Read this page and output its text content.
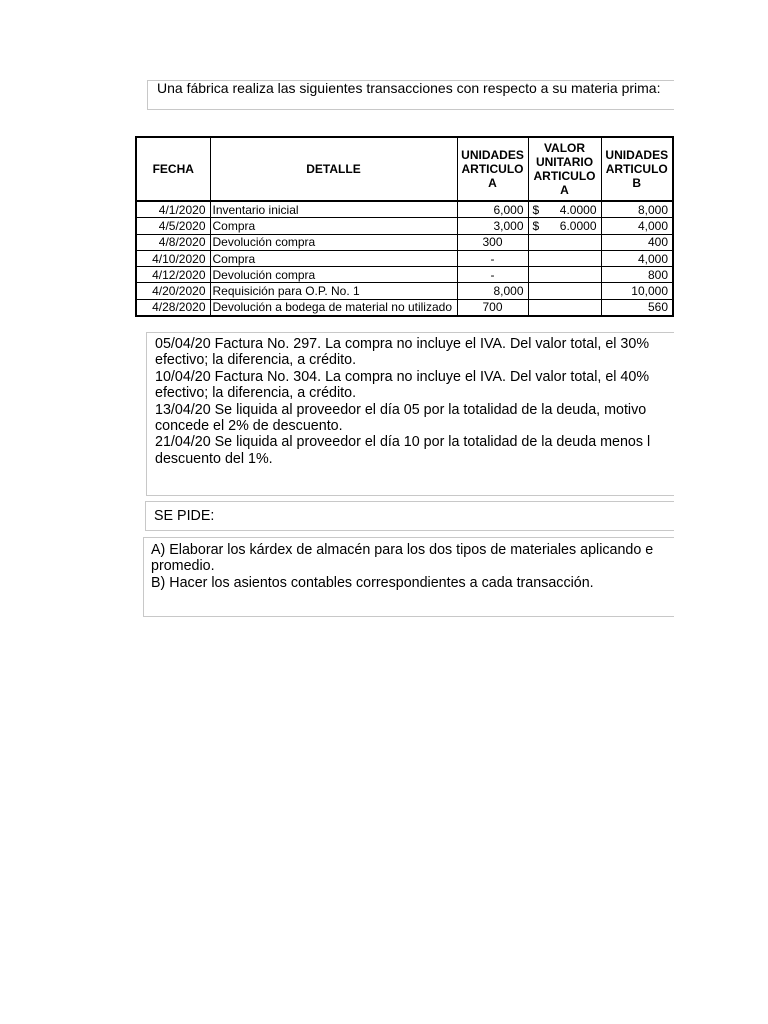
Una fábrica realiza las siguientes transacciones con respecto a su materia prima:
FECHA	DETALLE	UNIDADES ARTICULO A	VALOR UNITARIO ARTICULO A	UNIDADES ARTICULO B
4/1/2020	Inventario inicial	6,000	$ 4.0000	8,000
4/5/2020	Compra	3,000	$ 6.0000	4,000
4/8/2020	Devolución compra	300		400
4/10/2020	Compra	-		4,000
4/12/2020	Devolución compra	-		800
4/20/2020	Requisición para O.P. No. 1	8,000		10,000
4/28/2020	Devolución a bodega de material no utilizado	700		560

05/04/20 Factura No. 297. La compra no incluye el IVA. Del valor total, el 30%

efectivo; la diferencia, a crédito.

10/04/20 Factura No. 304. La compra no incluye el IVA. Del valor total, el 40%

efectivo; la diferencia, a crédito.

13/04/20 Se liquida al proveedor el día 05 por la totalidad de la deuda, motivo

concede el 2% de descuento.

21/04/20 Se liquida al proveedor el día 10 por la totalidad de la deuda menos l

descuento del 1%.

SE PIDE:

A) Elaborar los kárdex de almacén para los dos tipos de materiales aplicando e

promedio.

B) Hacer los asientos contables correspondientes a cada transacción.
